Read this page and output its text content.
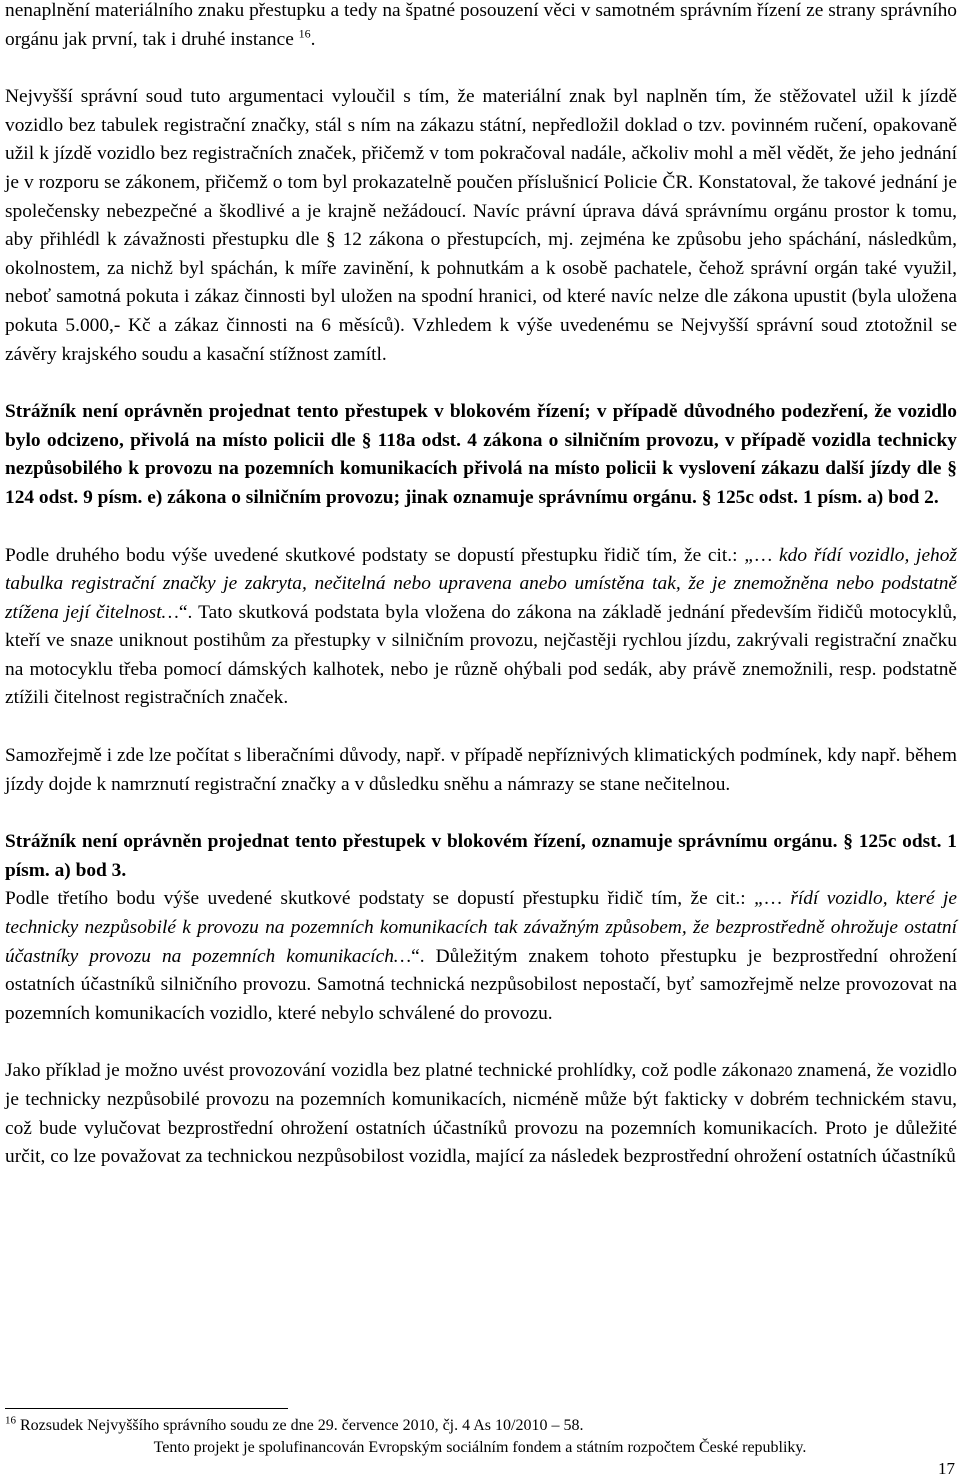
nenaplnění materiálního znaku přestupku a tedy na špatné posouzení věci v samotném správním řízení ze strany správního orgánu jak první, tak i druhé instance $^{16}$.

Nejvyšší správní soud tuto argumentaci vyloučil s tím, že materiální znak byl naplněn tím, že stěžovatel užil k jízdě vozidlo bez tabulek registrační značky, stál s ním na zákazu státní, nepředložil doklad o tzv. povinném ručení, opakovaně užil k jízdě vozidlo bez registračních značek, přičemž v tom pokračoval nadále, ačkoliv mohl a měl vědět, že jeho jednání je v rozporu se zákonem, přičemž o tom byl prokazatelně poučen příslušnicí Policie ČR. Konstatoval, že takové jednání je společensky nebezpečné a škodlivé a je krajně nežádoucí. Navíc právní úprava dává správnímu orgánu prostor k tomu, aby přihlédl k závažnosti přestupku dle § 12 zákona o přestupcích, mj. zejména ke způsobu jeho spáchání, následkům, okolnostem, za nichž byl spáchán, k míře zavinění, k pohnutkám a k osobě pachatele, čehož správní orgán také využil, neboť samotná pokuta i zákaz činnosti byl uložen na spodní hranici, od které navíc nelze dle zákona upustit (byla uložena pokuta 5.000,- Kč a zákaz činnosti na 6 měsíců). Vzhledem k výše uvedenému se Nejvyšší správní soud ztotožnil se závěry krajského soudu a kasační stížnost zamítl.

Strážník není oprávněn projednat tento přestupek v blokovém řízení; v případě důvodného podezření, že vozidlo bylo odcizeno, přivolá na místo policii dle § 118a odst. 4 zákona o silničním provozu, v případě vozidla technicky nezpůsobilého k provozu na pozemních komunikacích přivolá na místo policii k vyslovení zákazu další jízdy dle § 124 odst. 9 písm. e) zákona o silničním provozu; jinak oznamuje správnímu orgánu. § 125c odst. 1 písm. a) bod 2.

Podle druhého bodu výše uvedené skutkové podstaty se dopustí přestupku řidič tím, že cit.: „… kdo řídí vozidlo, jehož tabulka registrační značky je zakryta, nečitelná nebo upravena anebo umístěna tak, že je znemožněna nebo podstatně ztížena její čitelnost…“. Tato skutková podstata byla vložena do zákona na základě jednání především řidičů motocyklů, kteří ve snaze uniknout postihům za přestupky v silničním provozu, nejčastěji rychlou jízdu, zakrývali registrační značku na motocyklu třeba pomocí dámských kalhotek, nebo je různě ohýbali pod sedák, aby právě znemožnili, resp. podstatně ztížili čitelnost registračních značek.

Samozřejmě i zde lze počítat s liberačními důvody, např. v případě nepříznivých klimatických podmínek, kdy např. během jízdy dojde k namrznutí registrační značky a v důsledku sněhu a námrazy se stane nečitelnou.

Strážník není oprávněn projednat tento přestupek v blokovém řízení, oznamuje správnímu orgánu. § 125c odst. 1 písm. a) bod 3.

Podle třetího bodu výše uvedené skutkové podstaty se dopustí přestupku řidič tím, že cit.: „… řídí vozidlo, které je technicky nezpůsobilé k provozu na pozemních komunikacích tak závažným způsobem, že bezprostředně ohrožuje ostatní účastníky provozu na pozemních komunikacích…“. Důležitým znakem tohoto přestupku je bezprostřední ohrožení ostatních účastníků silničního provozu. Samotná technická nezpůsobilost nepostačí, byť samozřejmě nelze provozovat na pozemních komunikacích vozidlo, které nebylo schválené do provozu.

Jako příklad je možno uvést provozování vozidla bez platné technické prohlídky, což podle zákona20 znamená, že vozidlo je technicky nezpůsobilé provozu na pozemních komunikacích, nicméně může být fakticky v dobrém technickém stavu, což bude vylučovat bezprostřední ohrožení ostatních účastníků provozu na pozemních komunikacích. Proto je důležité určit, co lze považovat za technickou nezpůsobilost vozidla, mající za následek bezprostřední ohrožení ostatních účastníků

$^{16}$ Rozsudek Nejvyššího správního soudu ze dne 29. července 2010, čj. 4 As 10/2010 – 58.
Tento projekt je spolufinancován Evropským sociálním fondem a státním rozpočtem České republiky.
17
